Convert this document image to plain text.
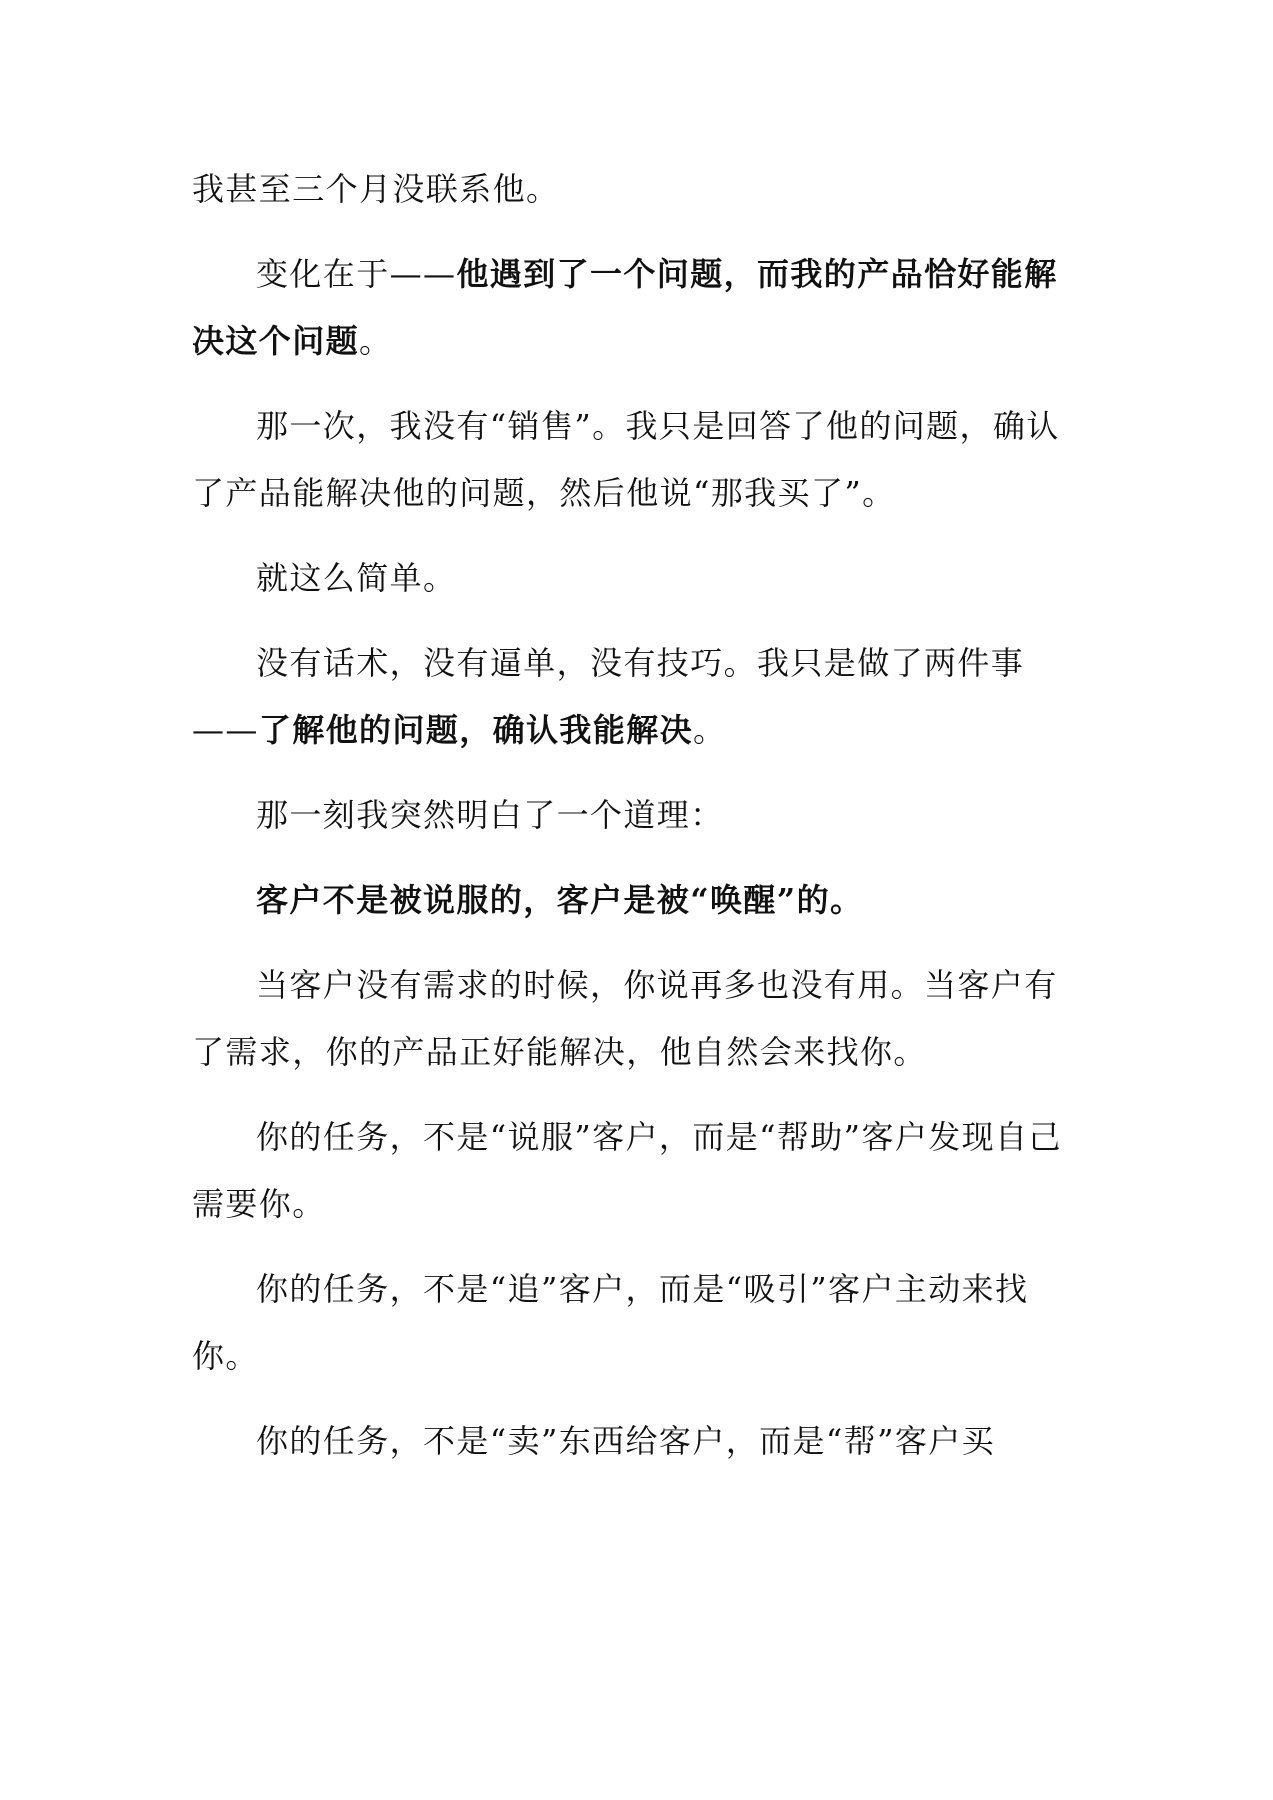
我甚至三个月没联系他。

变化在于——他遇到了一个问题，而我的产品恰好能解决这个问题。

那一次，我没有“销售”。我只是回答了他的问题，确认了产品能解决他的问题，然后他说“那我买了”。

就这么简单。

没有话术，没有逼单，没有技巧。我只是做了两件事——了解他的问题，确认我能解决。

那一刻我突然明白了一个道理：

客户不是被说服的，客户是被“唤醒”的。

当客户没有需求的时候，你说再多也没有用。当客户有了需求，你的产品正好能解决，他自然会来找你。

你的任务，不是“说服”客户，而是“帮助”客户发现自己需要你。

你的任务，不是“追”客户，而是“吸引”客户主动来找你。

你的任务，不是“卖”东西给客户，而是“帮”客户买
